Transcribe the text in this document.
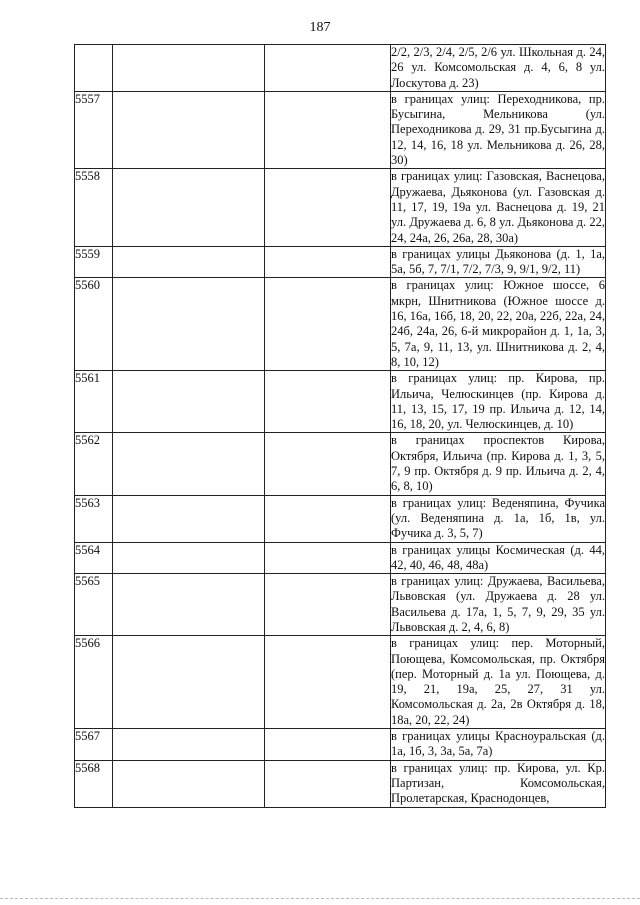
187
			2/2, 2/3, 2/4, 2/5, 2/6 ул. Школьная д. 24, 26 ул. Комсомольская д. 4, 6, 8 ул. Лоскутова д. 23)
5557			в границах улиц: Переходникова, пр. Бусыгина, Мельникова (ул. Переходникова д. 29, 31 пр.Бусыгина д. 12, 14, 16, 18 ул. Мельникова д. 26, 28, 30)
5558			в границах улиц: Газовская, Васнецова, Дружаева, Дьяконова (ул. Газовская д. 11, 17, 19, 19а ул. Васнецова д. 19, 21 ул. Дружаева д. 6, 8 ул. Дьяконова д. 22, 24, 24а, 26, 26а, 28, 30а)
5559			в границах улицы Дьяконова (д. 1, 1а, 5а, 5б, 7, 7/1, 7/2, 7/3, 9, 9/1, 9/2, 11)
5560			в границах улиц: Южное шоссе, 6 мкрн, Шнитникова (Южное шоссе д. 16, 16а, 16б, 18, 20, 22, 20а, 22б, 22а, 24, 24б, 24а, 26, 6-й микрорайон д. 1, 1а, 3, 5, 7а, 9, 11, 13, ул. Шнитникова д. 2, 4, 8, 10, 12)
5561			в границах улиц: пр. Кирова, пр. Ильича, Челюскинцев (пр. Кирова д. 11, 13, 15, 17, 19 пр. Ильича д. 12, 14, 16, 18, 20, ул. Челюскинцев, д. 10)
5562			в границах проспектов Кирова, Октября, Ильича (пр. Кирова д. 1, 3, 5, 7, 9 пр. Октября д. 9 пр. Ильича д. 2, 4, 6, 8, 10)
5563			в границах улиц: Веденяпина, Фучика (ул. Веденяпина д. 1а, 1б, 1в, ул. Фучика д. 3, 5, 7)
5564			в границах улицы Космическая (д. 44, 42, 40, 46, 48, 48а)
5565			в границах улиц: Дружаева, Васильева, Львовская (ул. Дружаева д. 28 ул. Васильева д. 17а, 1, 5, 7, 9, 29, 35 ул. Львовская д. 2, 4, 6, 8)
5566			в границах улиц: пер. Моторный, Поющева, Комсомольская, пр. Октября (пер. Моторный д. 1а ул. Поющева, д. 19, 21, 19а, 25, 27, 31 ул. Комсомольская д. 2а, 2в Октября д. 18, 18а, 20, 22, 24)
5567			в границах улицы Красноуральская (д. 1а, 1б, 3, 3а, 5а, 7а)
5568			в границах улиц: пр. Кирова, ул. Кр. Партизан, Комсомольская, Пролетарская, Краснодонцев,
